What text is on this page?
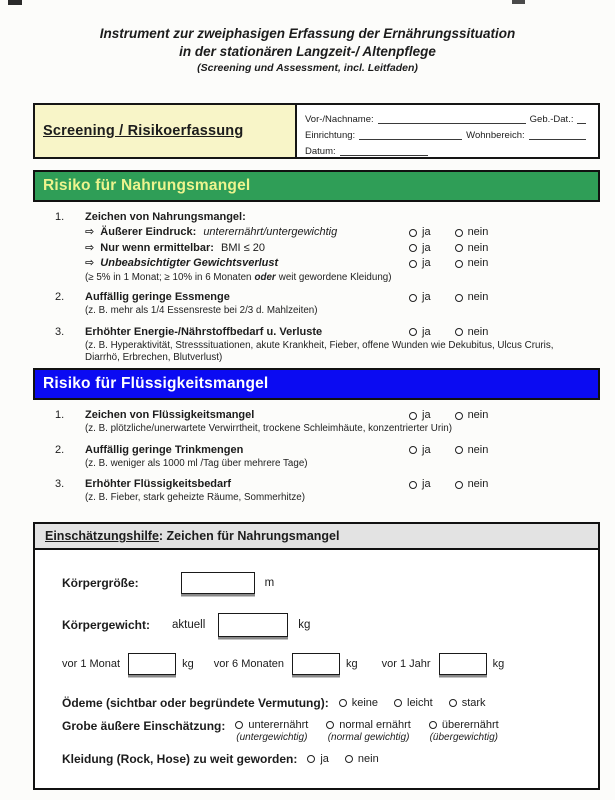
Instrument zur zweiphasigen Erfassung der Ernährungssituation
in der stationären Langzeit-/ Altenpflege
(Screening und Assessment, incl. Leitfaden)
Screening / Risikoerfassung
Vor-/Nachname:	Geb.-Dat.:
Einrichtung:	Wohnbereich:
Datum:
Risiko für Nahrungsmangel
1. Zeichen von Nahrungsmangel:
⇨ Äußerer Eindruck: unterernährt/untergewichtig	ja	nein
⇨ Nur wenn ermittelbar: BMI ≤ 20	ja	nein
⇨ Unbeabsichtigter Gewichtsverlust	ja	nein
(≥ 5% in 1 Monat; ≥ 10% in 6 Monaten oder weit gewordene Kleidung)
2. Auffällig geringe Essmenge	ja	nein
(z. B. mehr als 1/4 Essensreste bei 2/3 d. Mahlzeiten)
3. Erhöhter Energie-/Nährstoffbedarf u. Verluste	ja	nein
(z. B. Hyperaktivität, Stresssituationen, akute Krankheit, Fieber, offene Wunden wie Dekubitus, Ulcus Cruris, Diarrhö, Erbrechen, Blutverlust)
Risiko für Flüssigkeitsmangel
1. Zeichen von Flüssigkeitsmangel	ja	nein
(z. B. plötzliche/unerwartete Verwirrtheit, trockene Schleimhäute, konzentrierter Urin)
2. Auffällig geringe Trinkmengen	ja	nein
(z. B. weniger als 1000 ml /Tag über mehrere Tage)
3. Erhöhter Flüssigkeitsbedarf	ja	nein
(z. B. Fieber, stark geheizte Räume, Sommerhitze)
Einschätzungshilfe : Zeichen für Nahrungsmangel
Körpergröße:	m
Körpergewicht: aktuell	kg
vor 1 Monat	kg vor 6 Monaten	kg vor 1 Jahr	kg
Ödeme (sichtbar oder begründete Vermutung): keine	leicht	stark
Grobe äußere Einschätzung: unterernährt
(untergewichtig)
normal ernährt
(normal gewichtig)
überernährt
(übergewichtig)
Kleidung (Rock, Hose) zu weit geworden: ja	nein
